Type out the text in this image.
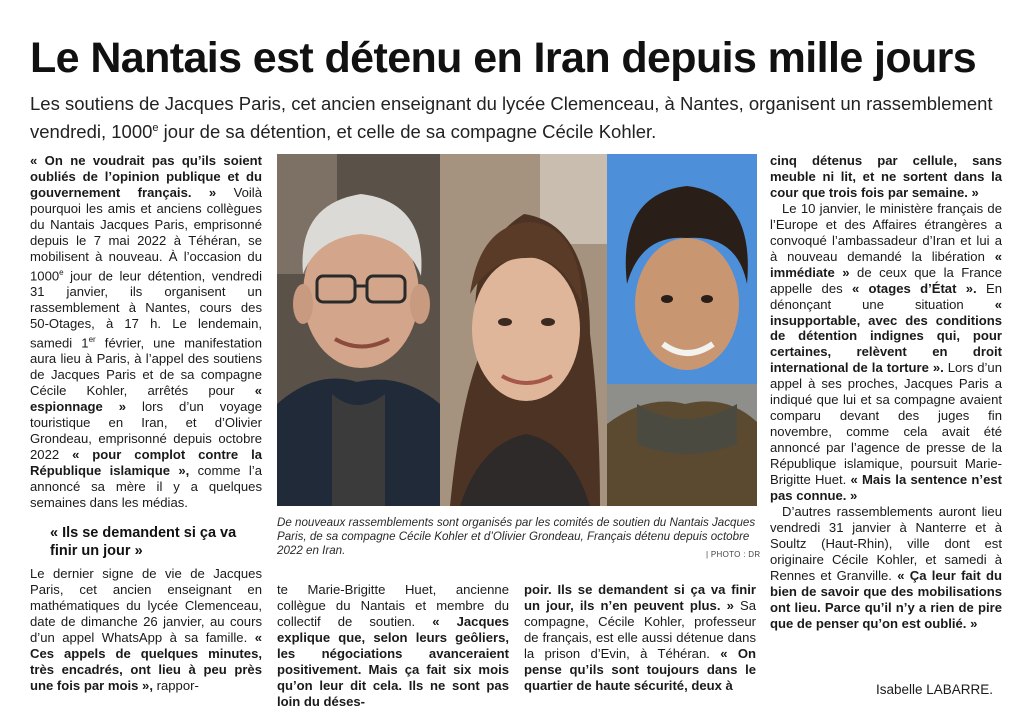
Le Nantais est détenu en Iran depuis mille jours
Les soutiens de Jacques Paris, cet ancien enseignant du lycée Clemenceau, à Nantes, organisent un rassemblement vendredi, 1000e jour de sa détention, et celle de sa compagne Cécile Kohler.

« On ne voudrait pas qu’ils soient oubliés de l’opinion publique et du gouvernement français. » Voilà pourquoi les amis et anciens collègues du Nantais Jacques Paris, emprisonné depuis le 7 mai 2022 à Téhéran, se mobilisent à nouveau. À l’occasion du 1000e jour de leur détention, vendredi 31 janvier, ils organisent un rassemblement à Nantes, cours des 50-Otages, à 17 h. Le lendemain, samedi 1er février, une manifestation aura lieu à Paris, à l’appel des soutiens de Jacques Paris et de sa compagne Cécile Kohler, arrêtés pour « espionnage » lors d’un voyage touristique en Iran, et d’Olivier Grondeau, emprisonné depuis octobre 2022 « pour complot contre la République islamique », comme l’a annoncé sa mère il y a quelques semaines dans les médias.

De nouveaux rassemblements sont organisés par les comités de soutien du Nantais Jacques Paris, de sa compagne Cécile Kohler et d’Olivier Grondeau, Français détenu depuis octobre 2022 en Iran.	| PHOTO : DR
« Ils se demandent si ça va finir un jour »

Le dernier signe de vie de Jacques Paris, cet ancien enseignant en mathématiques du lycée Clemenceau, date de dimanche 26 janvier, au cours d’un appel WhatsApp à sa famille. « Ces appels de quelques minutes, très encadrés, ont lieu à peu près une fois par mois », rappor-

te Marie-Brigitte Huet, ancienne collègue du Nantais et membre du collectif de soutien. « Jacques explique que, selon leurs geôliers, les négociations avanceraient positivement. Mais ça fait six mois qu’on leur dit cela. Ils ne sont pas loin du déses-

poir. Ils se demandent si ça va finir un jour, ils n’en peuvent plus. » Sa compagne, Cécile Kohler, professeur de français, est elle aussi détenue dans la prison d’Evin, à Téhéran. « On pense qu’ils sont toujours dans le quartier de haute sécurité, deux à

cinq détenus par cellule, sans meuble ni lit, et ne sortent dans la cour que trois fois par semaine. »

Le 10 janvier, le ministère français de l’Europe et des Affaires étrangères a convoqué l’ambassadeur d’Iran et lui a à nouveau demandé la libération « immédiate » de ceux que la France appelle des « otages d’État ». En dénonçant une situation « insupportable, avec des conditions de détention indignes qui, pour certaines, relèvent en droit international de la torture ». Lors d’un appel à ses proches, Jacques Paris a indiqué que lui et sa compagne avaient comparu devant des juges fin novembre, comme cela avait été annoncé par l’agence de presse de la République islamique, poursuit Marie-Brigitte Huet. « Mais la sentence n’est pas connue. »

D’autres rassemblements auront lieu vendredi 31 janvier à Nanterre et à Soultz (Haut-Rhin), ville dont est originaire Cécile Kohler, et samedi à Rennes et Granville. « Ça leur fait du bien de savoir que des mobilisations ont lieu. Parce qu’il n’y a rien de pire que de penser qu’on est oublié. »

Isabelle LABARRE.
